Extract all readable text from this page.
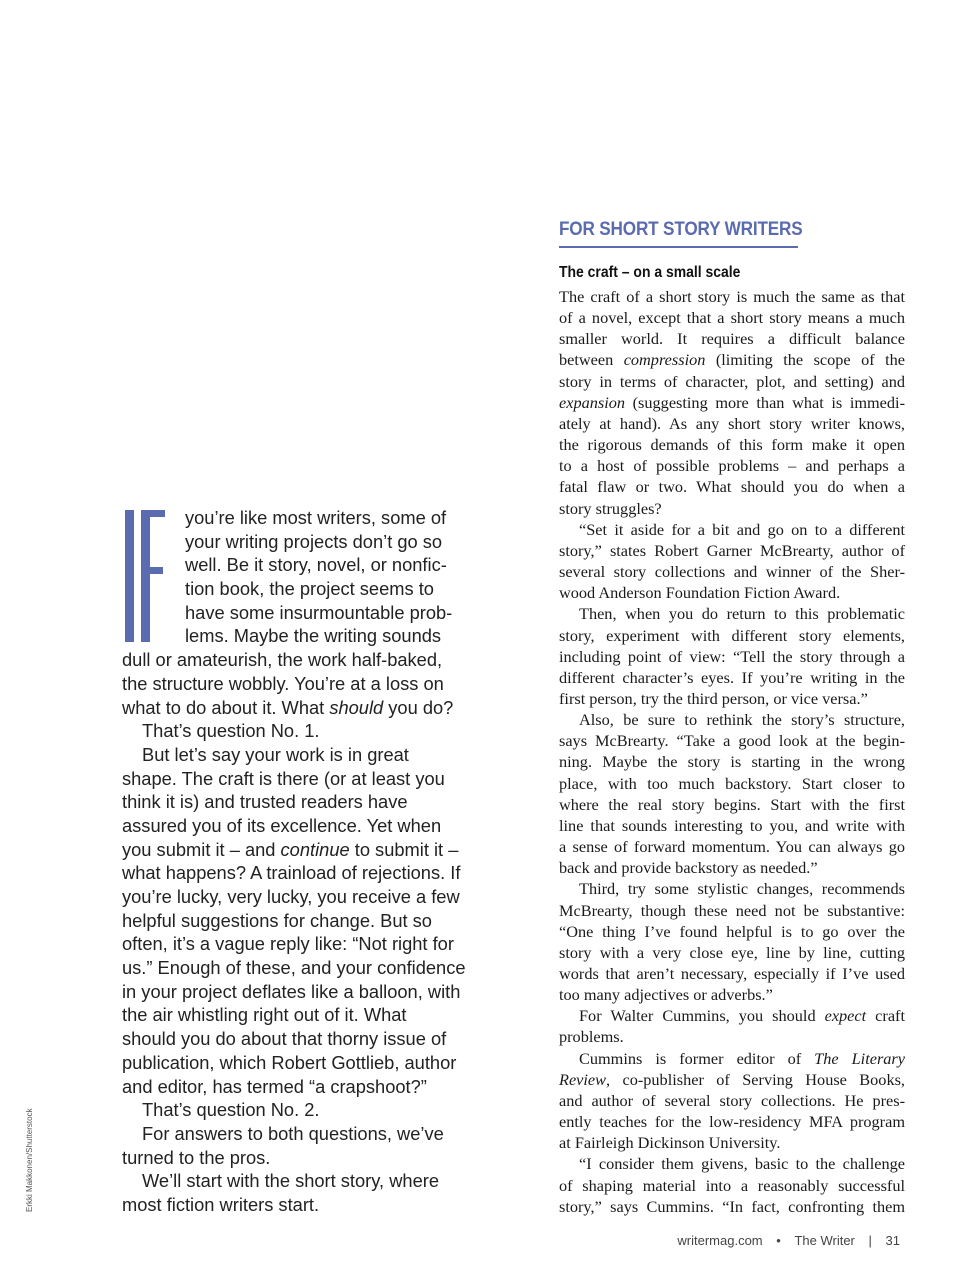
Erkki Makkonen/Shutterstock
you’re like most writers, some of
your writing projects don’t go so
well. Be it story, novel, or nonfic-
tion book, the project seems to
have some insurmountable prob-
lems. Maybe the writing sounds
dull or amateurish, the work half-baked,
the structure wobbly. You’re at a loss on
what to do about it. What should you do?
That’s question No. 1.
But let’s say your work is in great
shape. The craft is there (or at least you
think it is) and trusted readers have
assured you of its excellence. Yet when
you submit it – and continue to submit it –
what happens? A trainload of rejections. If
you’re lucky, very lucky, you receive a few
helpful suggestions for change. But so
often, it’s a vague reply like: “Not right for
us.” Enough of these, and your confidence
in your project deflates like a balloon, with
the air whistling right out of it. What
should you do about that thorny issue of
publication, which Robert Gottlieb, author
and editor, has termed “a crapshoot?”
That’s question No. 2.
For answers to both questions, we’ve
turned to the pros.
We’ll start with the short story, where
most fiction writers start.
FOR SHORT STORY WRITERS
The craft – on a small scale
The craft of a short story is much the same as that
of a novel, except that a short story means a much
smaller world. It requires a difficult balance
between compression (limiting the scope of the
story in terms of character, plot, and setting) and
expansion (suggesting more than what is immedi-
ately at hand). As any short story writer knows,
the rigorous demands of this form make it open
to a host of possible problems – and perhaps a
fatal flaw or two. What should you do when a
story struggles?
“Set it aside for a bit and go on to a different
story,” states Robert Garner McBrearty, author of
several story collections and winner of the Sher-
wood Anderson Foundation Fiction Award.
Then, when you do return to this problematic
story, experiment with different story elements,
including point of view: “Tell the story through a
different character’s eyes. If you’re writing in the
first person, try the third person, or vice versa.”
Also, be sure to rethink the story’s structure,
says McBrearty. “Take a good look at the begin-
ning. Maybe the story is starting in the wrong
place, with too much backstory. Start closer to
where the real story begins. Start with the first
line that sounds interesting to you, and write with
a sense of forward momentum. You can always go
back and provide backstory as needed.”
Third, try some stylistic changes, recommends
McBrearty, though these need not be substantive:
“One thing I’ve found helpful is to go over the
story with a very close eye, line by line, cutting
words that aren’t necessary, especially if I’ve used
too many adjectives or adverbs.”
For Walter Cummins, you should expect craft
problems.
Cummins is former editor of The Literary
Review, co-publisher of Serving House Books,
and author of several story collections. He pres-
ently teaches for the low-residency MFA program
at Fairleigh Dickinson University.
“I consider them givens, basic to the challenge
of shaping material into a reasonably successful
story,” says Cummins. “In fact, confronting them
writermag.com • The Writer | 31
